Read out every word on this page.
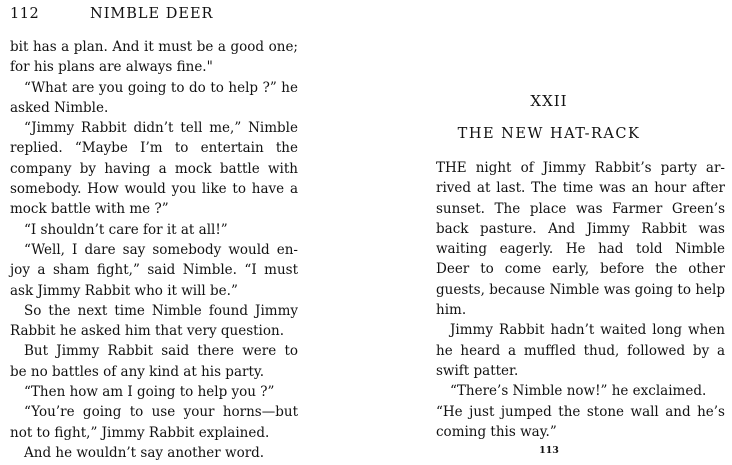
112	NIMBLE DEER
bit has a plan. And it must be a good one;
for his plans are always fine."
“What are you going to do to help ?” he
asked Nimble.
“Jimmy Rabbit didn’t tell me,” Nimble
replied. “Maybe I’m to entertain the
company by having a mock battle with
somebody. How would you like to have a
mock battle with me ?”
“I shouldn’t care for it at all!”
“Well, I dare say somebody would en-
joy a sham fight,” said Nimble. “I must
ask Jimmy Rabbit who it will be.”
So the next time Nimble found Jimmy
Rabbit he asked him that very question.
But Jimmy Rabbit said there were to
be no battles of any kind at his party.
“Then how am I going to help you ?”
“You’re going to use your horns—but
not to fight,” Jimmy Rabbit explained.
And he wouldn’t say another word.
XXII
THE NEW HAT-RACK
THE night of Jimmy Rabbit’s party ar-
rived at last. The time was an hour after
sunset. The place was Farmer Green’s
back pasture. And Jimmy Rabbit was
waiting eagerly. He had told Nimble
Deer to come early, before the other
guests, because Nimble was going to help
him.
Jimmy Rabbit hadn’t waited long when
he heard a muffled thud, followed by a
swift patter.
“There’s Nimble now!” he exclaimed.
“He just jumped the stone wall and he’s
coming this way.”
113
